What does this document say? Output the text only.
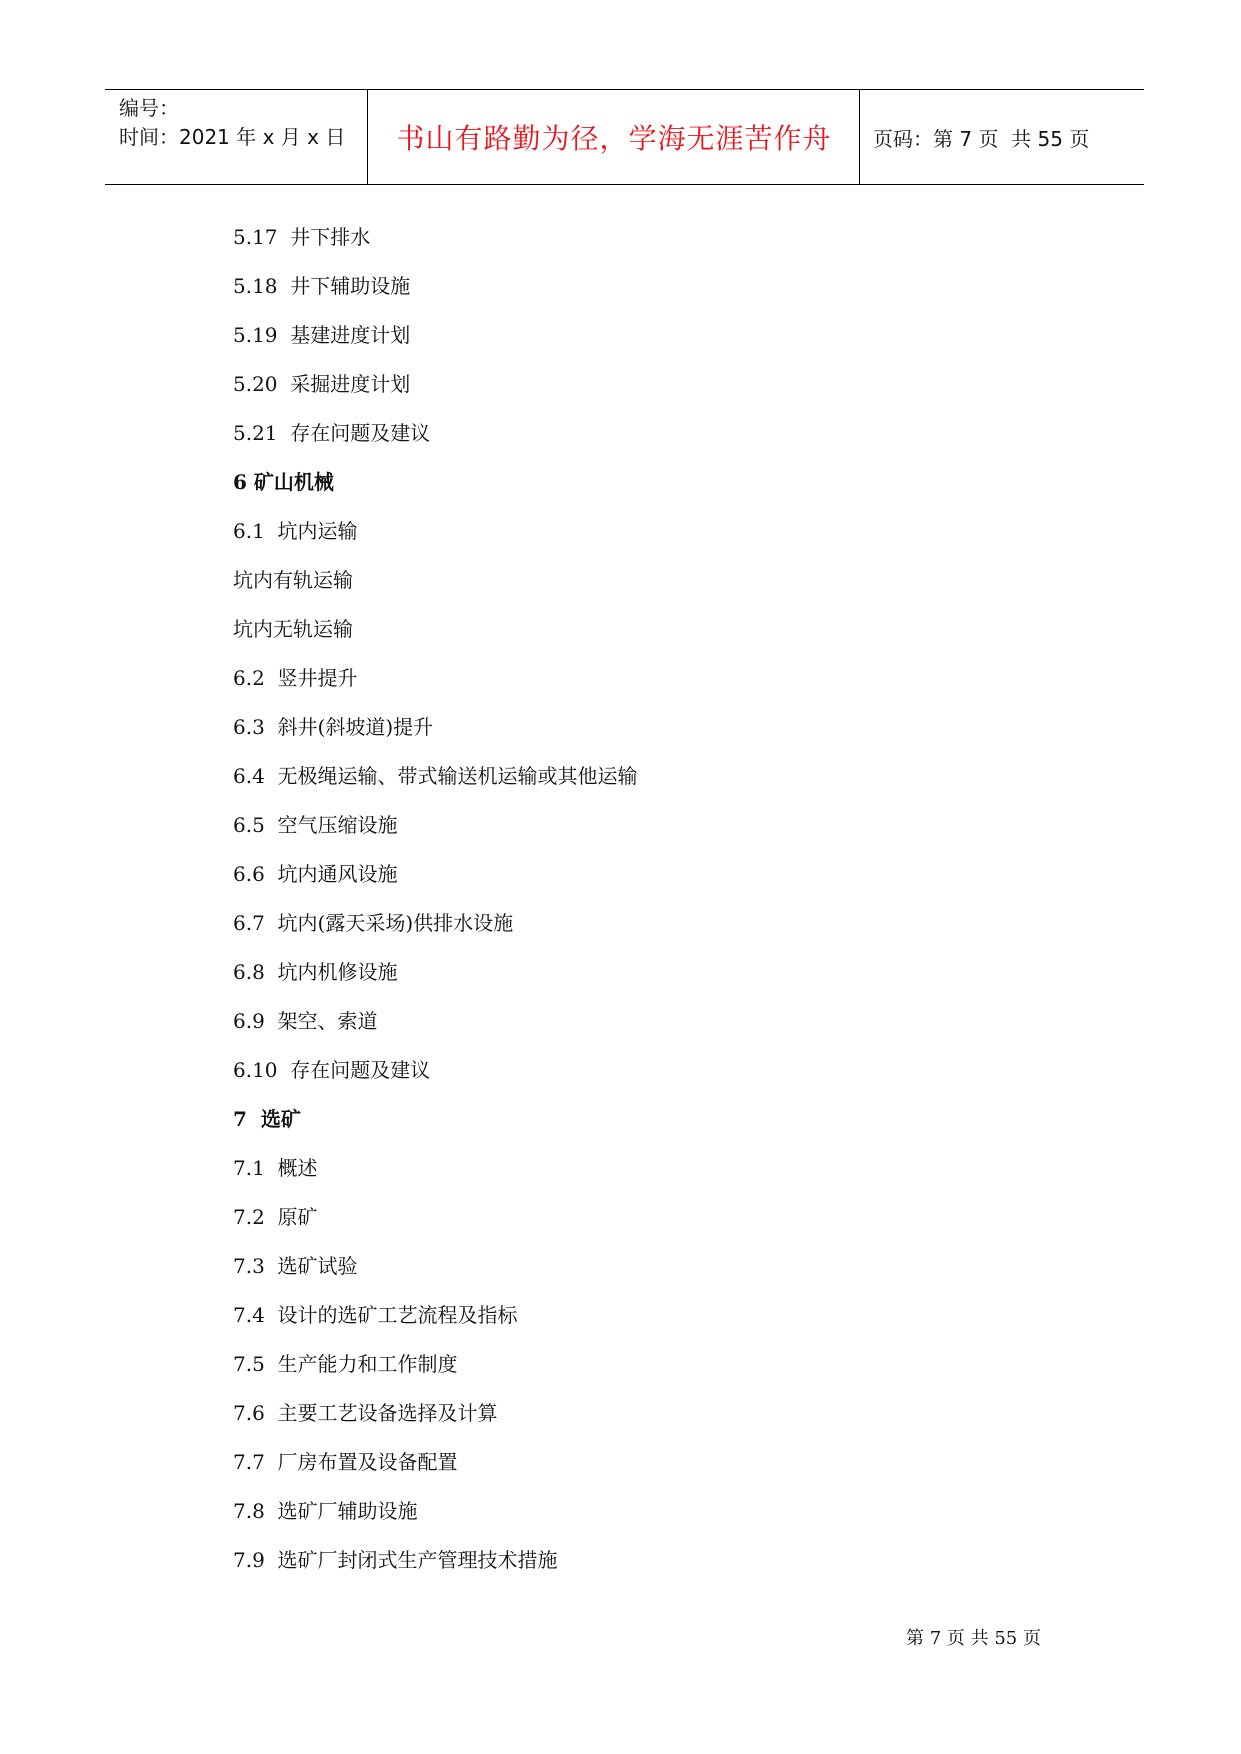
编号：
时间：2021 年 x 月 x 日	书山有路勤为径，学海无涯苦作舟	页码：第 7 页  共 55 页
5.17  井下排水
5.18  井下辅助设施
5.19  基建进度计划
5.20  采掘进度计划
5.21  存在问题及建议
6 矿山机械
6.1  坑内运输
坑内有轨运输
坑内无轨运输
6.2  竖井提升
6.3  斜井(斜坡道)提升
6.4  无极绳运输、带式输送机运输或其他运输
6.5  空气压缩设施
6.6  坑内通风设施
6.7  坑内(露天采场)供排水设施
6.8  坑内机修设施
6.9  架空、索道
6.10  存在问题及建议
7  选矿
7.1  概述
7.2  原矿
7.3  选矿试验
7.4  设计的选矿工艺流程及指标
7.5  生产能力和工作制度
7.6  主要工艺设备选择及计算
7.7  厂房布置及设备配置
7.8  选矿厂辅助设施
7.9  选矿厂封闭式生产管理技术措施
第 7 页 共 55 页
